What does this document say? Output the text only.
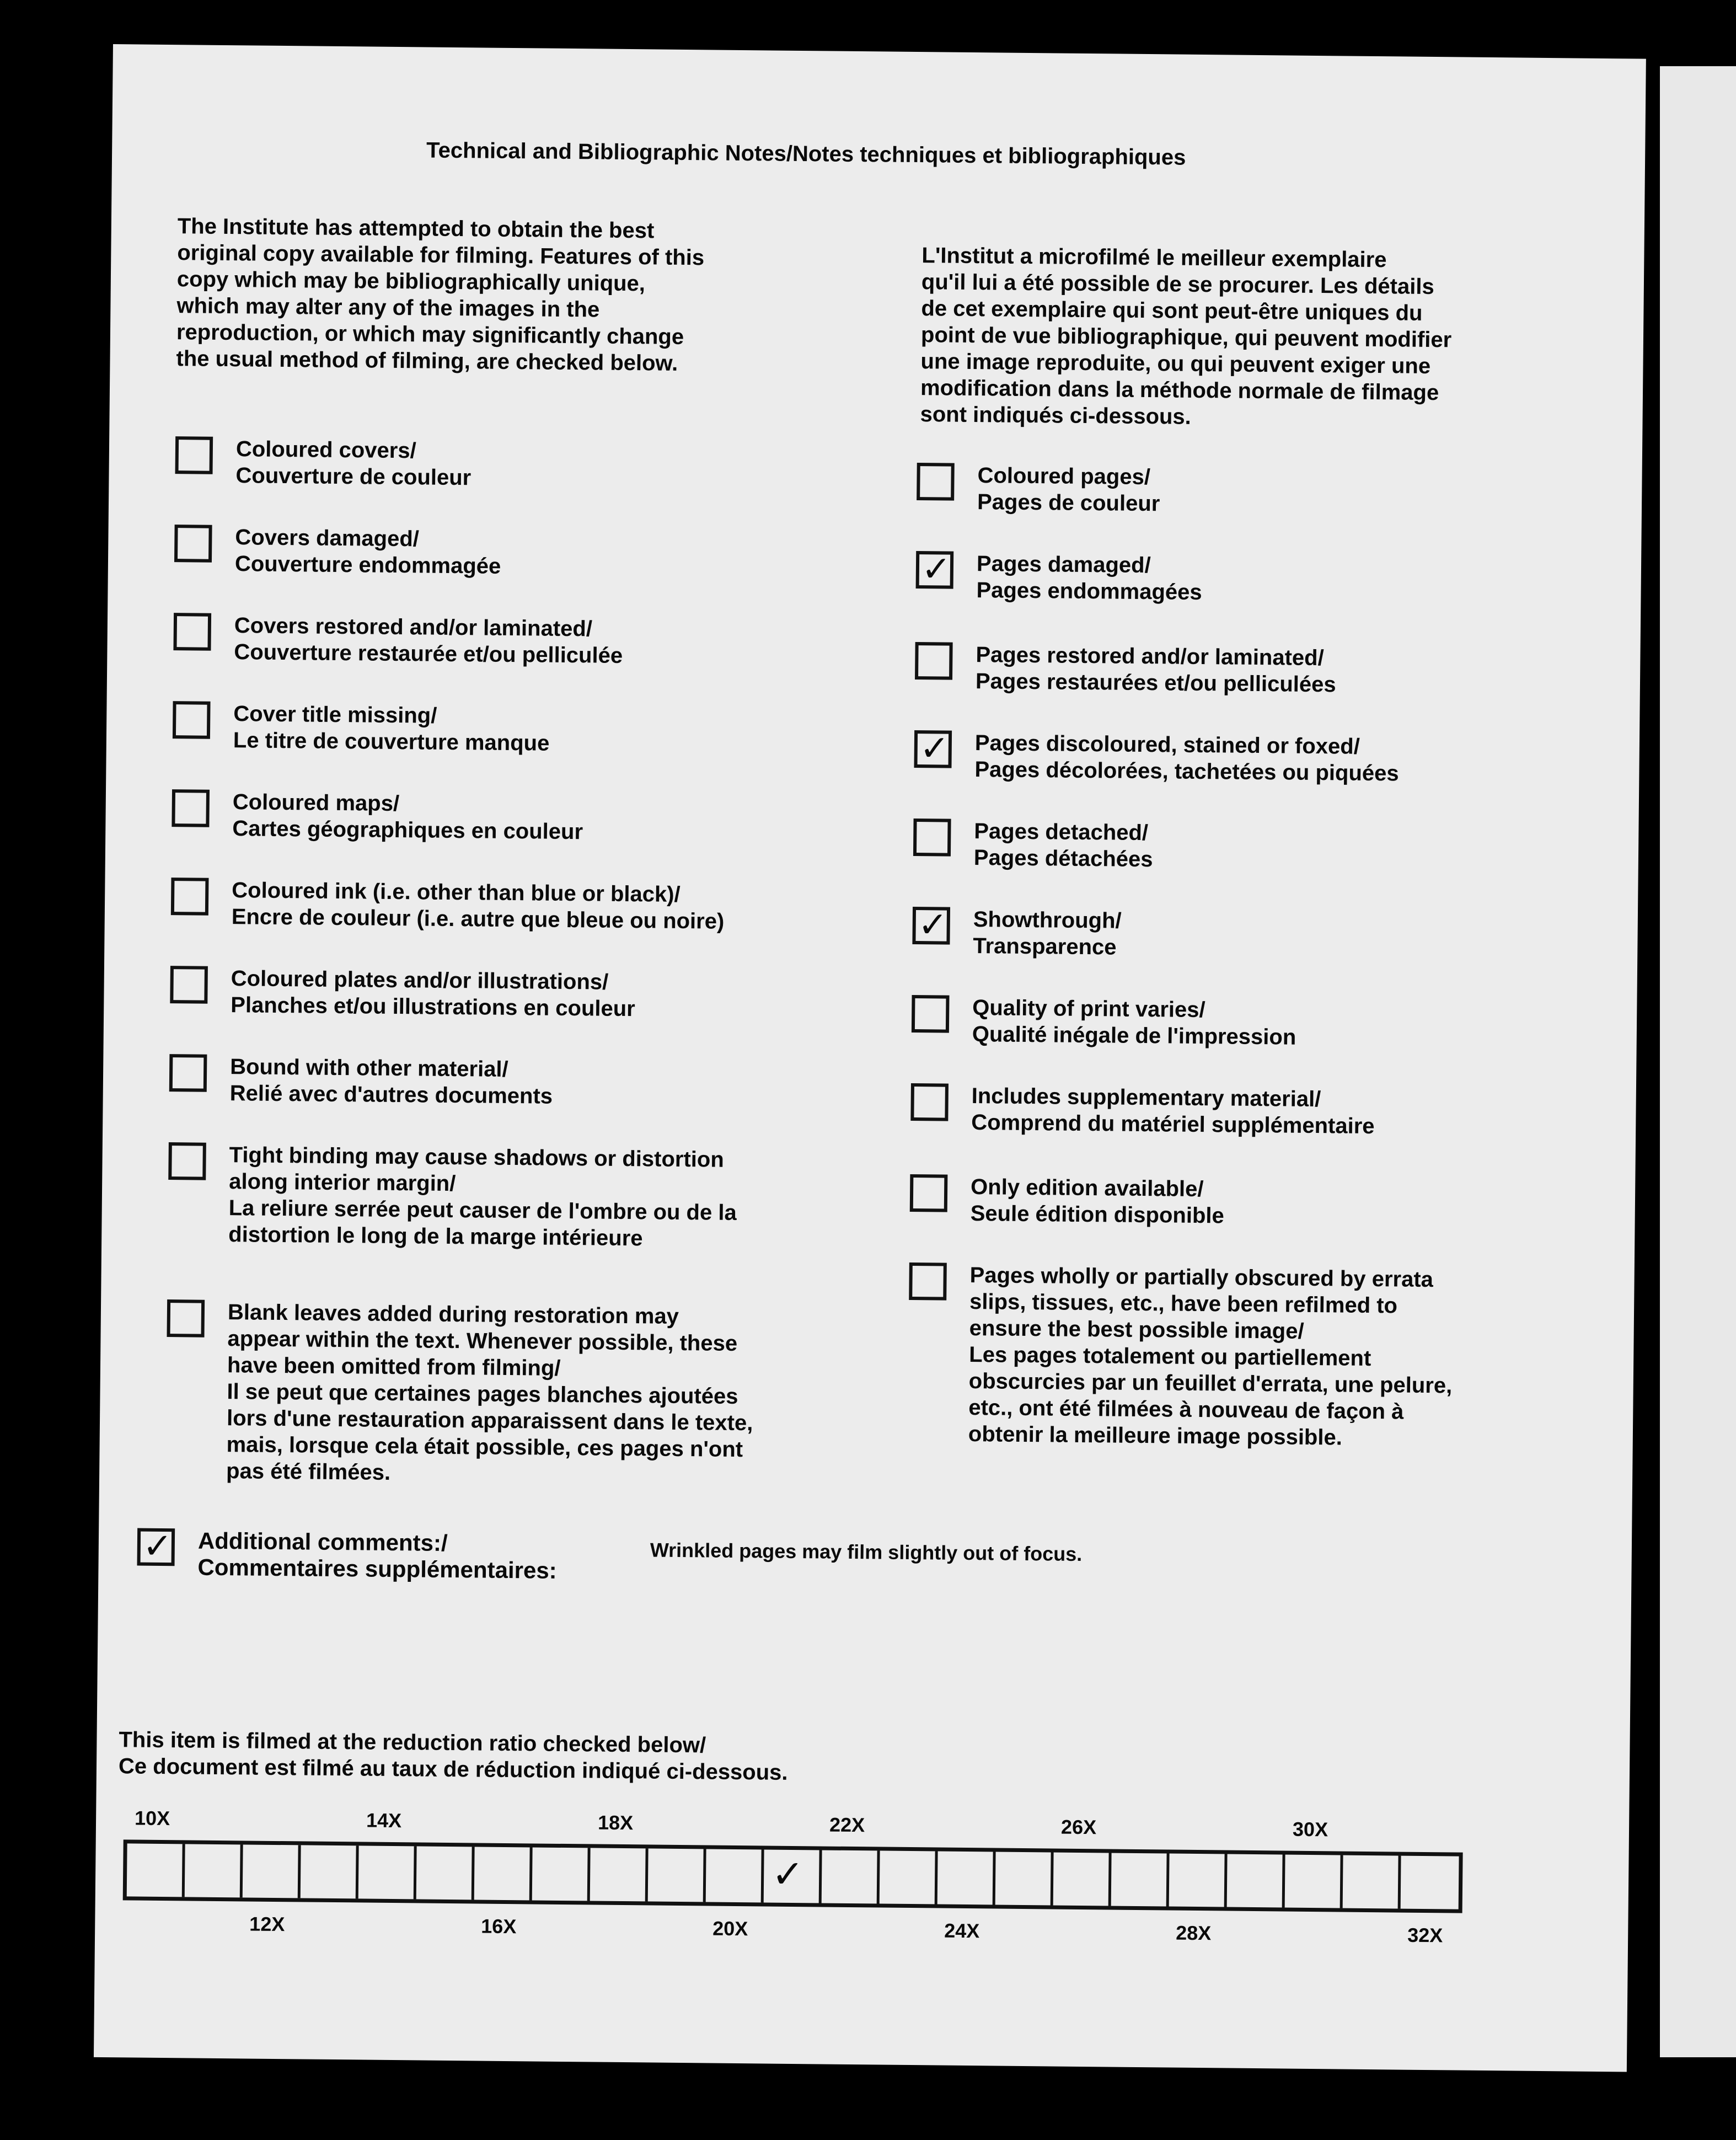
Technical and Bibliographic Notes/Notes techniques et bibliographiques
The Institute has attempted to obtain the best
original copy available for filming. Features of this
copy which may be bibliographically unique,
which may alter any of the images in the
reproduction, or which may significantly change
the usual method of filming, are checked below.
L'Institut a microfilmé le meilleur exemplaire
qu'il lui a été possible de se procurer. Les détails
de cet exemplaire qui sont peut-être uniques du
point de vue bibliographique, qui peuvent modifier
une image reproduite, ou qui peuvent exiger une
modification dans la méthode normale de filmage
sont indiqués ci-dessous.
Coloured covers/
Couverture de couleur
Covers damaged/
Couverture endommagée
Covers restored and/or laminated/
Couverture restaurée et/ou pelliculée
Cover title missing/
Le titre de couverture manque
Coloured maps/
Cartes géographiques en couleur
Coloured ink (i.e. other than blue or black)/
Encre de couleur (i.e. autre que bleue ou noire)
Coloured plates and/or illustrations/
Planches et/ou illustrations en couleur
Bound with other material/
Relié avec d'autres documents
Tight binding may cause shadows or distortion
along interior margin/
La reliure serrée peut causer de l'ombre ou de la
distortion le long de la marge intérieure
Blank leaves added during restoration may
appear within the text. Whenever possible, these
have been omitted from filming/
Il se peut que certaines pages blanches ajoutées
lors d'une restauration apparaissent dans le texte,
mais, lorsque cela était possible, ces pages n'ont
pas été filmées.
Coloured pages/
Pages de couleur
✓ Pages damaged/
Pages endommagées
Pages restored and/or laminated/
Pages restaurées et/ou pelliculées
✓ Pages discoloured, stained or foxed/
Pages décolorées, tachetées ou piquées
Pages detached/
Pages détachées
✓ Showthrough/
Transparence
Quality of print varies/
Qualité inégale de l'impression
Includes supplementary material/
Comprend du matériel supplémentaire
Only edition available/
Seule édition disponible
Pages wholly or partially obscured by errata
slips, tissues, etc., have been refilmed to
ensure the best possible image/
Les pages totalement ou partiellement
obscurcies par un feuillet d'errata, une pelure,
etc., ont été filmées à nouveau de façon à
obtenir la meilleure image possible.
✓ Additional comments:/
Commentaires supplémentaires:
Wrinkled pages may film slightly out of focus.
This item is filmed at the reduction ratio checked below/
Ce document est filmé au taux de réduction indiqué ci-dessous.
10X	14X	18X	22X	26X	30X
12X	16X	20X	24X	28X	32X
✓
